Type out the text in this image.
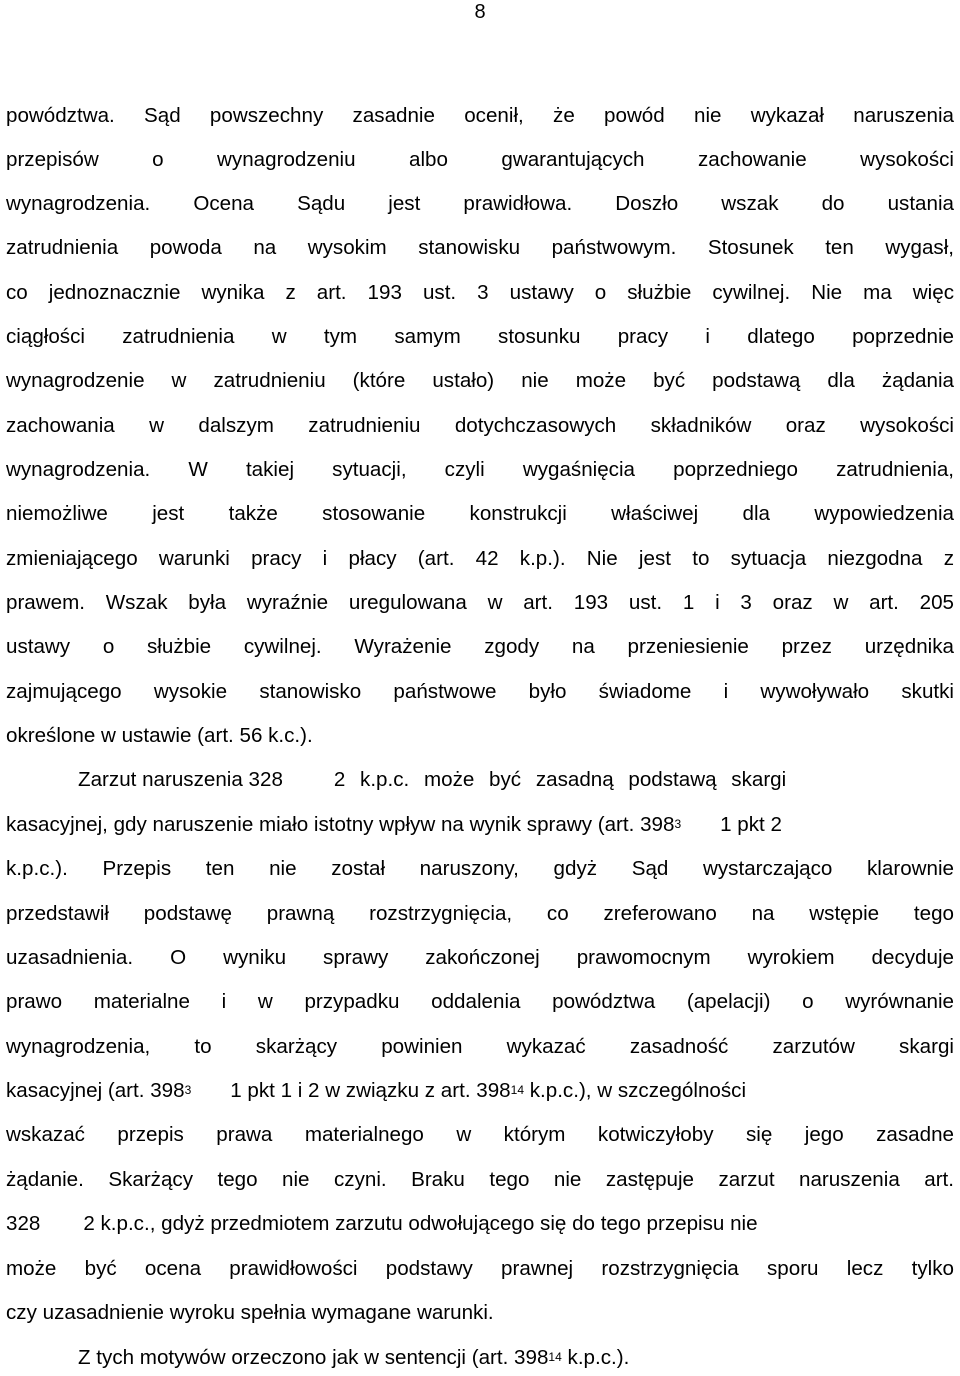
8
powództwa. Sąd powszechny zasadnie ocenił, że powód nie wykazał naruszenia
przepisów o wynagrodzeniu albo gwarantujących zachowanie wysokości
wynagrodzenia. Ocena Sądu jest prawidłowa. Doszło wszak do ustania
zatrudnienia powoda na wysokim stanowisku państwowym. Stosunek ten wygasł,
co jednoznacznie wynika z art. 193 ust. 3 ustawy o służbie cywilnej. Nie ma więc
ciągłości zatrudnienia w tym samym stosunku pracy i dlatego poprzednie
wynagrodzenie w zatrudnieniu (które ustało) nie może być podstawą dla żądania
zachowania w dalszym zatrudnieniu dotychczasowych składników oraz wysokości
wynagrodzenia. W takiej sytuacji, czyli wygaśnięcia poprzedniego zatrudnienia,
niemożliwe jest także stosowanie konstrukcji właściwej dla wypowiedzenia
zmieniającego warunki pracy i płacy (art. 42 k.p.). Nie jest to sytuacja niezgodna z
prawem. Wszak była wyraźnie uregulowana w art. 193 ust. 1 i 3 oraz w art. 205
ustawy o służbie cywilnej. Wyrażenie zgody na przeniesienie przez urzędnika
zajmującego wysokie stanowisko państwowe było świadome i wywoływało skutki
określone w ustawie (art. 56 k.c.).
Zarzut naruszenia 328 2 k.p.c. może być zasadną podstawą skargi
kasacyjnej, gdy naruszenie miało istotny wpływ na wynik sprawy (art. $398^3$ 1 pkt 2
k.p.c.). Przepis ten nie został naruszony, gdyż Sąd wystarczająco klarownie
przedstawił podstawę prawną rozstrzygnięcia, co zreferowano na wstępie tego
uzasadnienia. O wyniku sprawy zakończonej prawomocnym wyrokiem decyduje
prawo materialne i w przypadku oddalenia powództwa (apelacji) o wyrównanie
wynagrodzenia, to skarżący powinien wykazać zasadność zarzutów skargi
kasacyjnej (art. $398^3$ 1 pkt 1 i 2 w związku z art. $398^{14}$ k.p.c.), w szczególności
wskazać przepis prawa materialnego w którym kotwiczyłoby się jego zasadne
żądanie. Skarżący tego nie czyni. Braku tego nie zastępuje zarzut naruszenia art.
328 2 k.p.c., gdyż przedmiotem zarzutu odwołującego się do tego przepisu nie
może być ocena prawidłowości podstawy prawnej rozstrzygnięcia sporu lecz tylko
czy uzasadnienie wyroku spełnia wymagane warunki.
Z tych motywów orzeczono jak w sentencji (art. $398^{14}$ k.p.c.).
